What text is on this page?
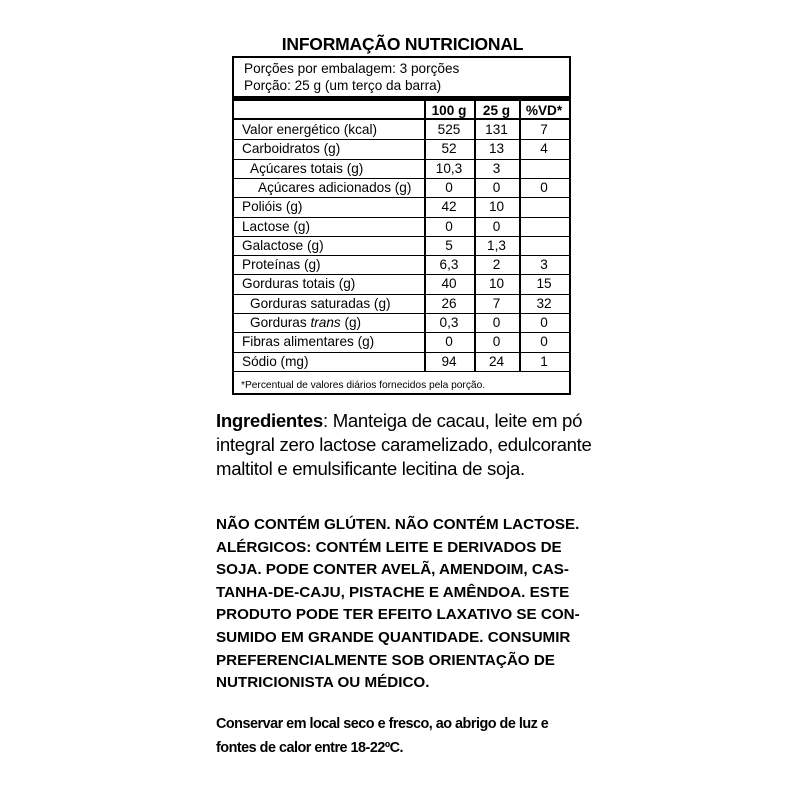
INFORMAÇÃO NUTRICIONAL
Porções por embalagem: 3 porções
Porção: 25 g (um terço da barra)
100 g	25 g	%VD*
Valor energético (kcal)	525	131	7
Carboidratos (g)	52	13	4
Açúcares totais (g)	10,3	3
Açúcares adicionados (g)	0	0	0
Polióis (g)	42	10
Lactose (g)	0	0
Galactose (g)	5	1,3
Proteínas (g)	6,3	2	3
Gorduras totais (g)	40	10	15
Gorduras saturadas (g)	26	7	32
Gorduras trans (g)	0,3	0	0
Fibras alimentares (g)	0	0	0
Sódio (mg)	94	24	1
*Percentual de valores diários fornecidos pela porção.
Ingredientes: Manteiga de cacau, leite em pó
integral zero lactose caramelizado, edulcorante
maltitol e emulsificante lecitina de soja.
NÃO CONTÉM GLÚTEN. NÃO CONTÉM LACTOSE.
ALÉRGICOS: CONTÉM LEITE E DERIVADOS DE
SOJA. PODE CONTER AVELÃ, AMENDOIM, CAS-
TANHA-DE-CAJU, PISTACHE E AMÊNDOA. ESTE
PRODUTO PODE TER EFEITO LAXATIVO SE CON-
SUMIDO EM GRANDE QUANTIDADE. CONSUMIR
PREFERENCIALMENTE SOB ORIENTAÇÃO DE
NUTRICIONISTA OU MÉDICO.
Conservar em local seco e fresco, ao abrigo de luz e
fontes de calor entre 18-22ºC.
